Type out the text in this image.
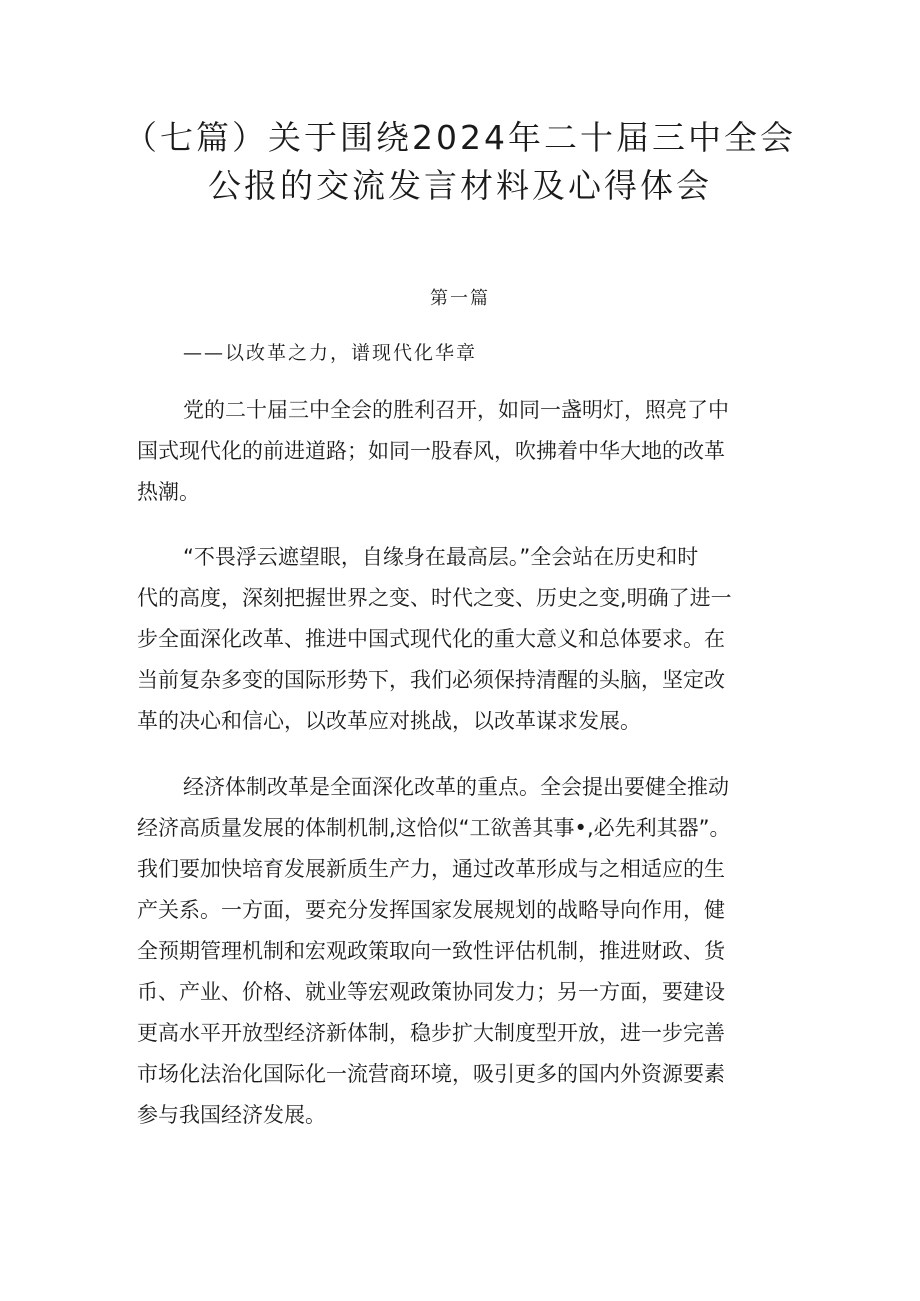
（七篇）关于围绕2024年二十届三中全会
公报的交流发言材料及心得体会
第一篇
——以改革之力，谱现代化华章
党的二十届三中全会的胜利召开，如同一盏明灯，照亮了中
国式现代化的前进道路；如同一股春风，吹拂着中华大地的改革
热潮。
“不畏浮云遮望眼，自缘身在最高层。”全会站在历史和时
代的高度，深刻把握世界之变、时代之变、历史之变,明确了进一
步全面深化改革、推进中国式现代化的重大意义和总体要求。在
当前复杂多变的国际形势下，我们必须保持清醒的头脑，坚定改
革的决心和信心，以改革应对挑战，以改革谋求发展。
经济体制改革是全面深化改革的重点。全会提出要健全推动
经济高质量发展的体制机制,这恰似“工欲善其事•,必先利其器”。
我们要加快培育发展新质生产力，通过改革形成与之相适应的生
产关系。一方面，要充分发挥国家发展规划的战略导向作用，健
全预期管理机制和宏观政策取向一致性评估机制，推进财政、货
币、产业、价格、就业等宏观政策协同发力；另一方面，要建设
更高水平开放型经济新体制，稳步扩大制度型开放，进一步完善
市场化法治化国际化一流营商环境，吸引更多的国内外资源要素
参与我国经济发展。
